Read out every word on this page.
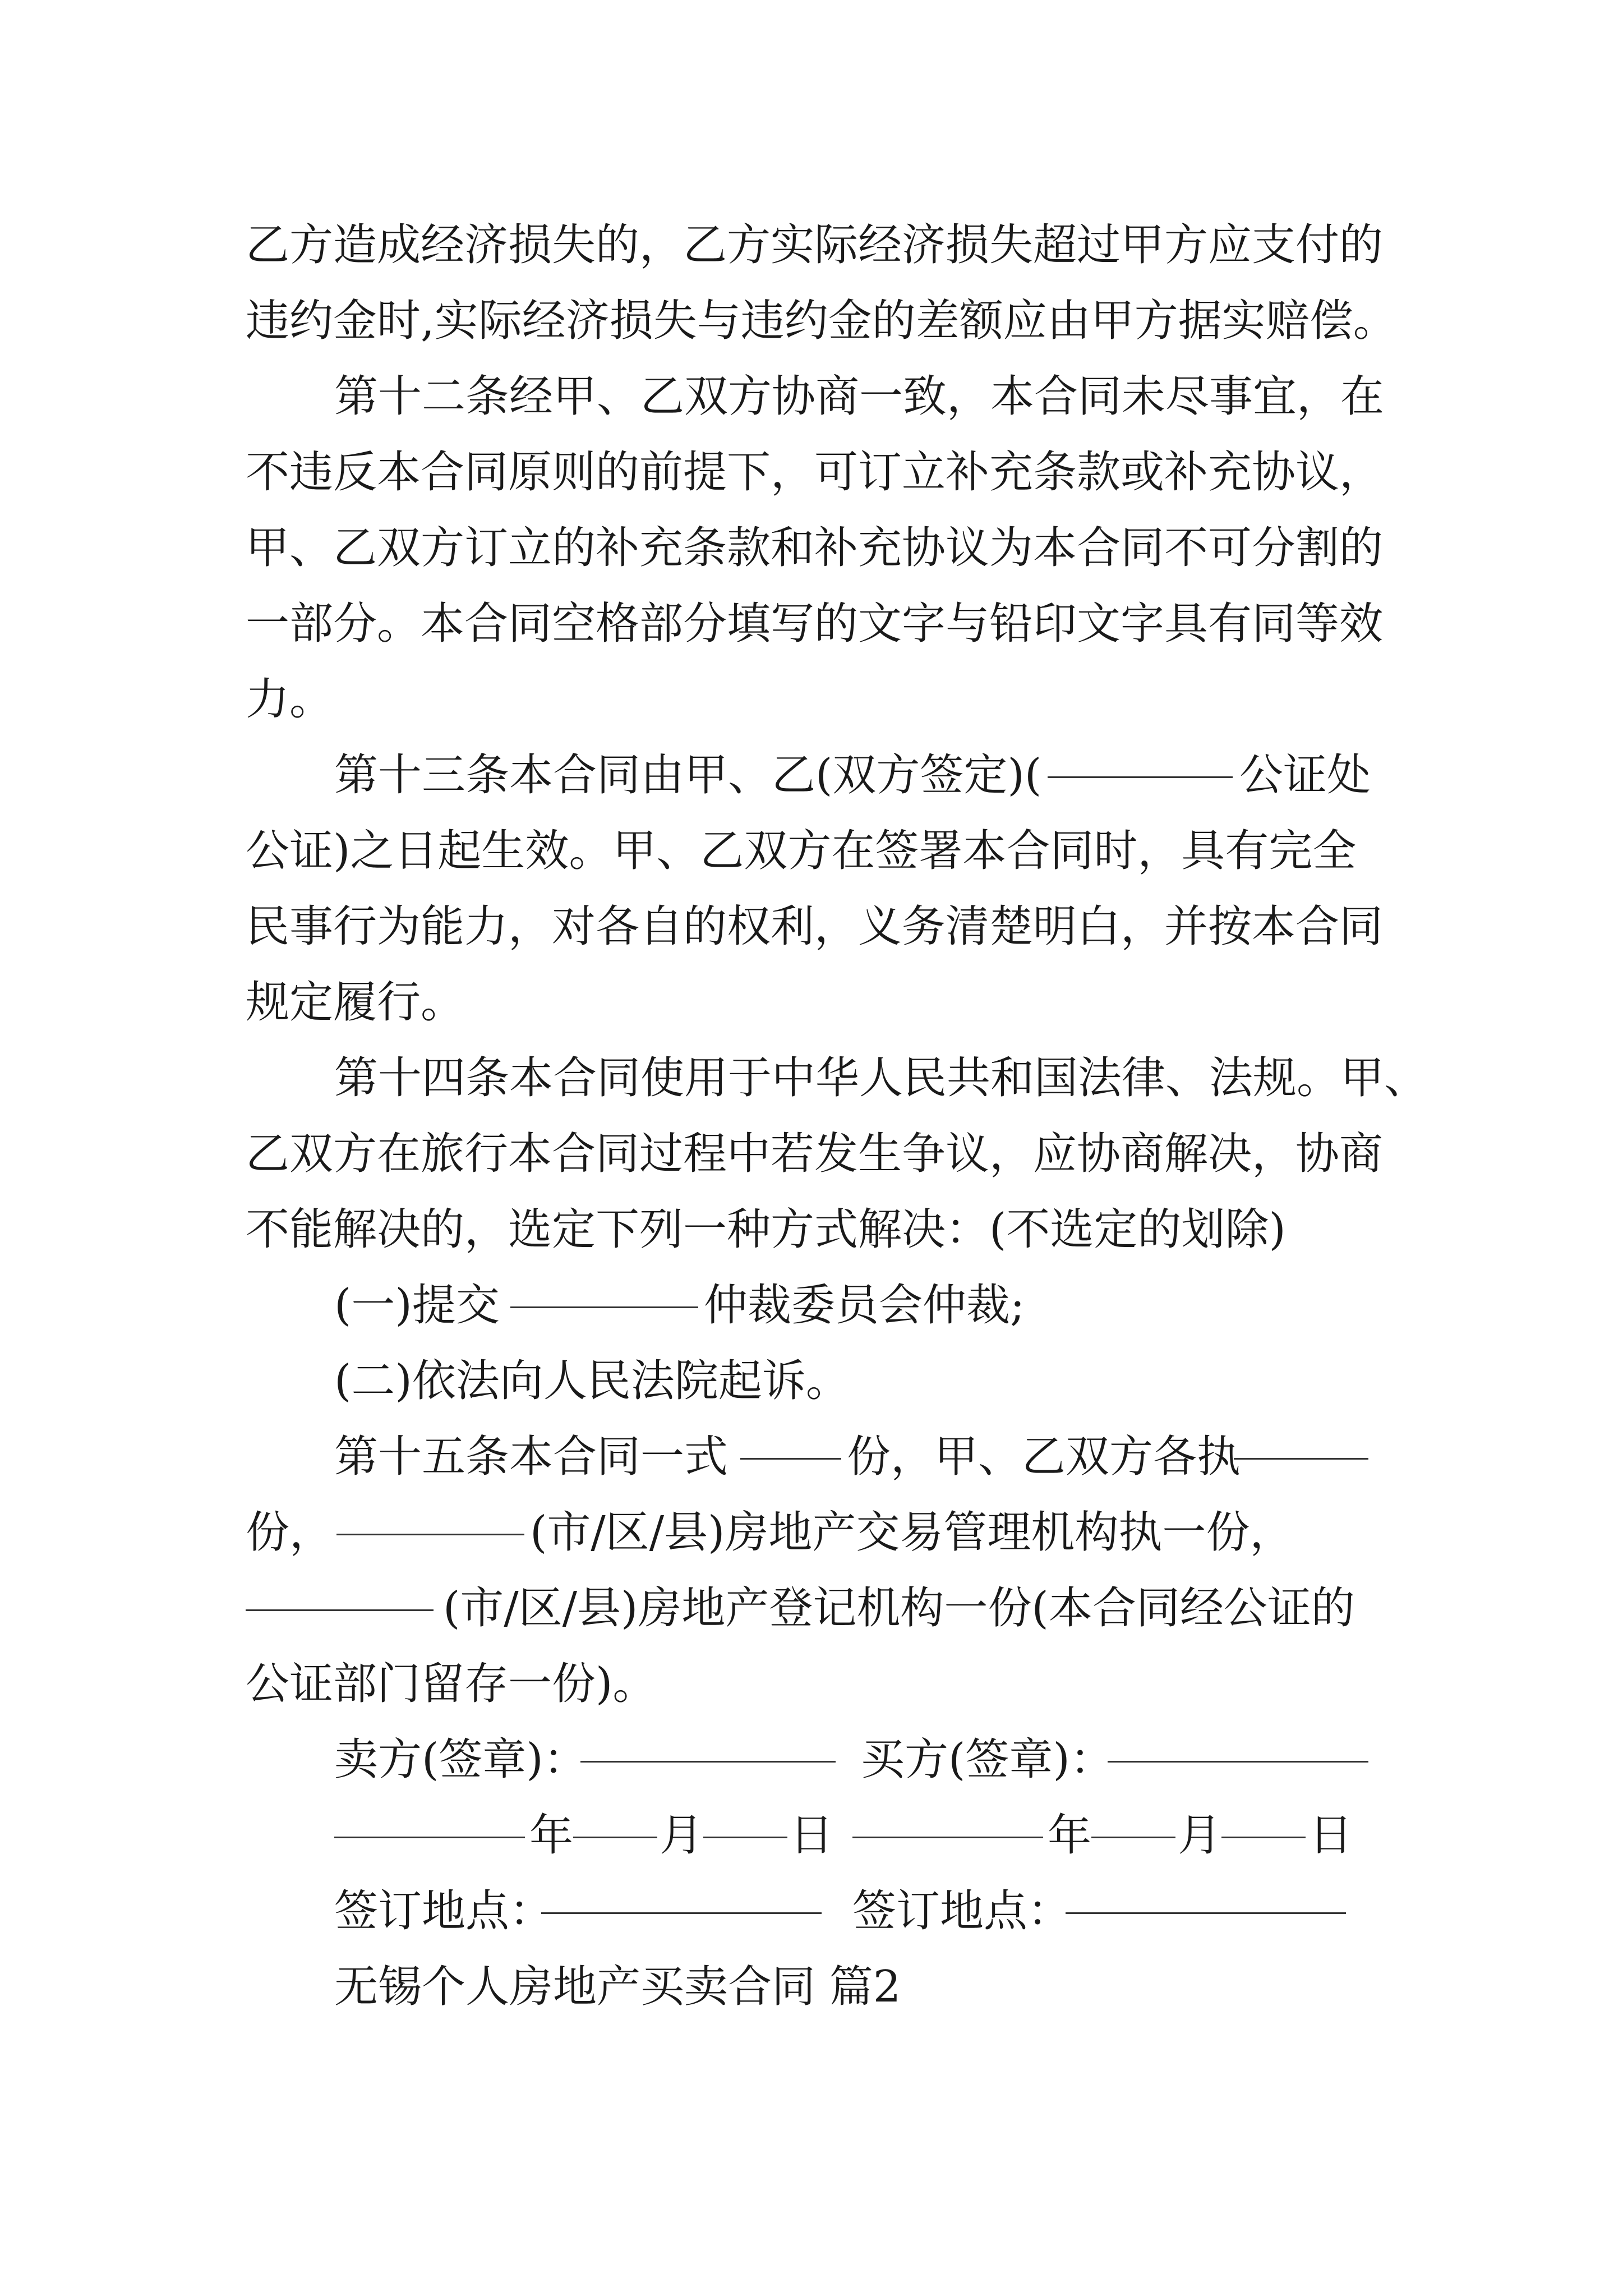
乙方造成经济损失的，乙方实际经济损失超过甲方应支付的
违约金时,实际经济损失与违约金的差额应由甲方据实赔偿。
第十二条经甲、乙双方协商一致，本合同未尽事宜，在
不违反本合同原则的前提下，可订立补充条款或补充协议，
甲、乙双方订立的补充条款和补充协议为本合同不可分割的
一部分。本合同空格部分填写的文字与铅印文字具有同等效
力。
第十三条本合同由甲、乙(双方签定)(	公证处
公证)之日起生效。甲、乙双方在签署本合同时，具有完全
民事行为能力，对各自的权利，义务清楚明白，并按本合同
规定履行。
第十四条本合同使用于中华人民共和国法律、法规。甲、
乙双方在旅行本合同过程中若发生争议，应协商解决，协商
不能解决的，选定下列一种方式解决：(不选定的划除)
(一)提交	仲裁委员会仲裁;
(二)依法向人民法院起诉。
第十五条本合同一式	份，甲、乙双方各执
份，	(市/区/县)房地产交易管理机构执一份，
(市/区/县)房地产登记机构一份(本合同经公证的
公证部门留存一份)。
卖方(签章)：	买方(签章)：
年 月 日	年 月 日
签订地点：	签订地点：
无锡个人房地产买卖合同 篇2
